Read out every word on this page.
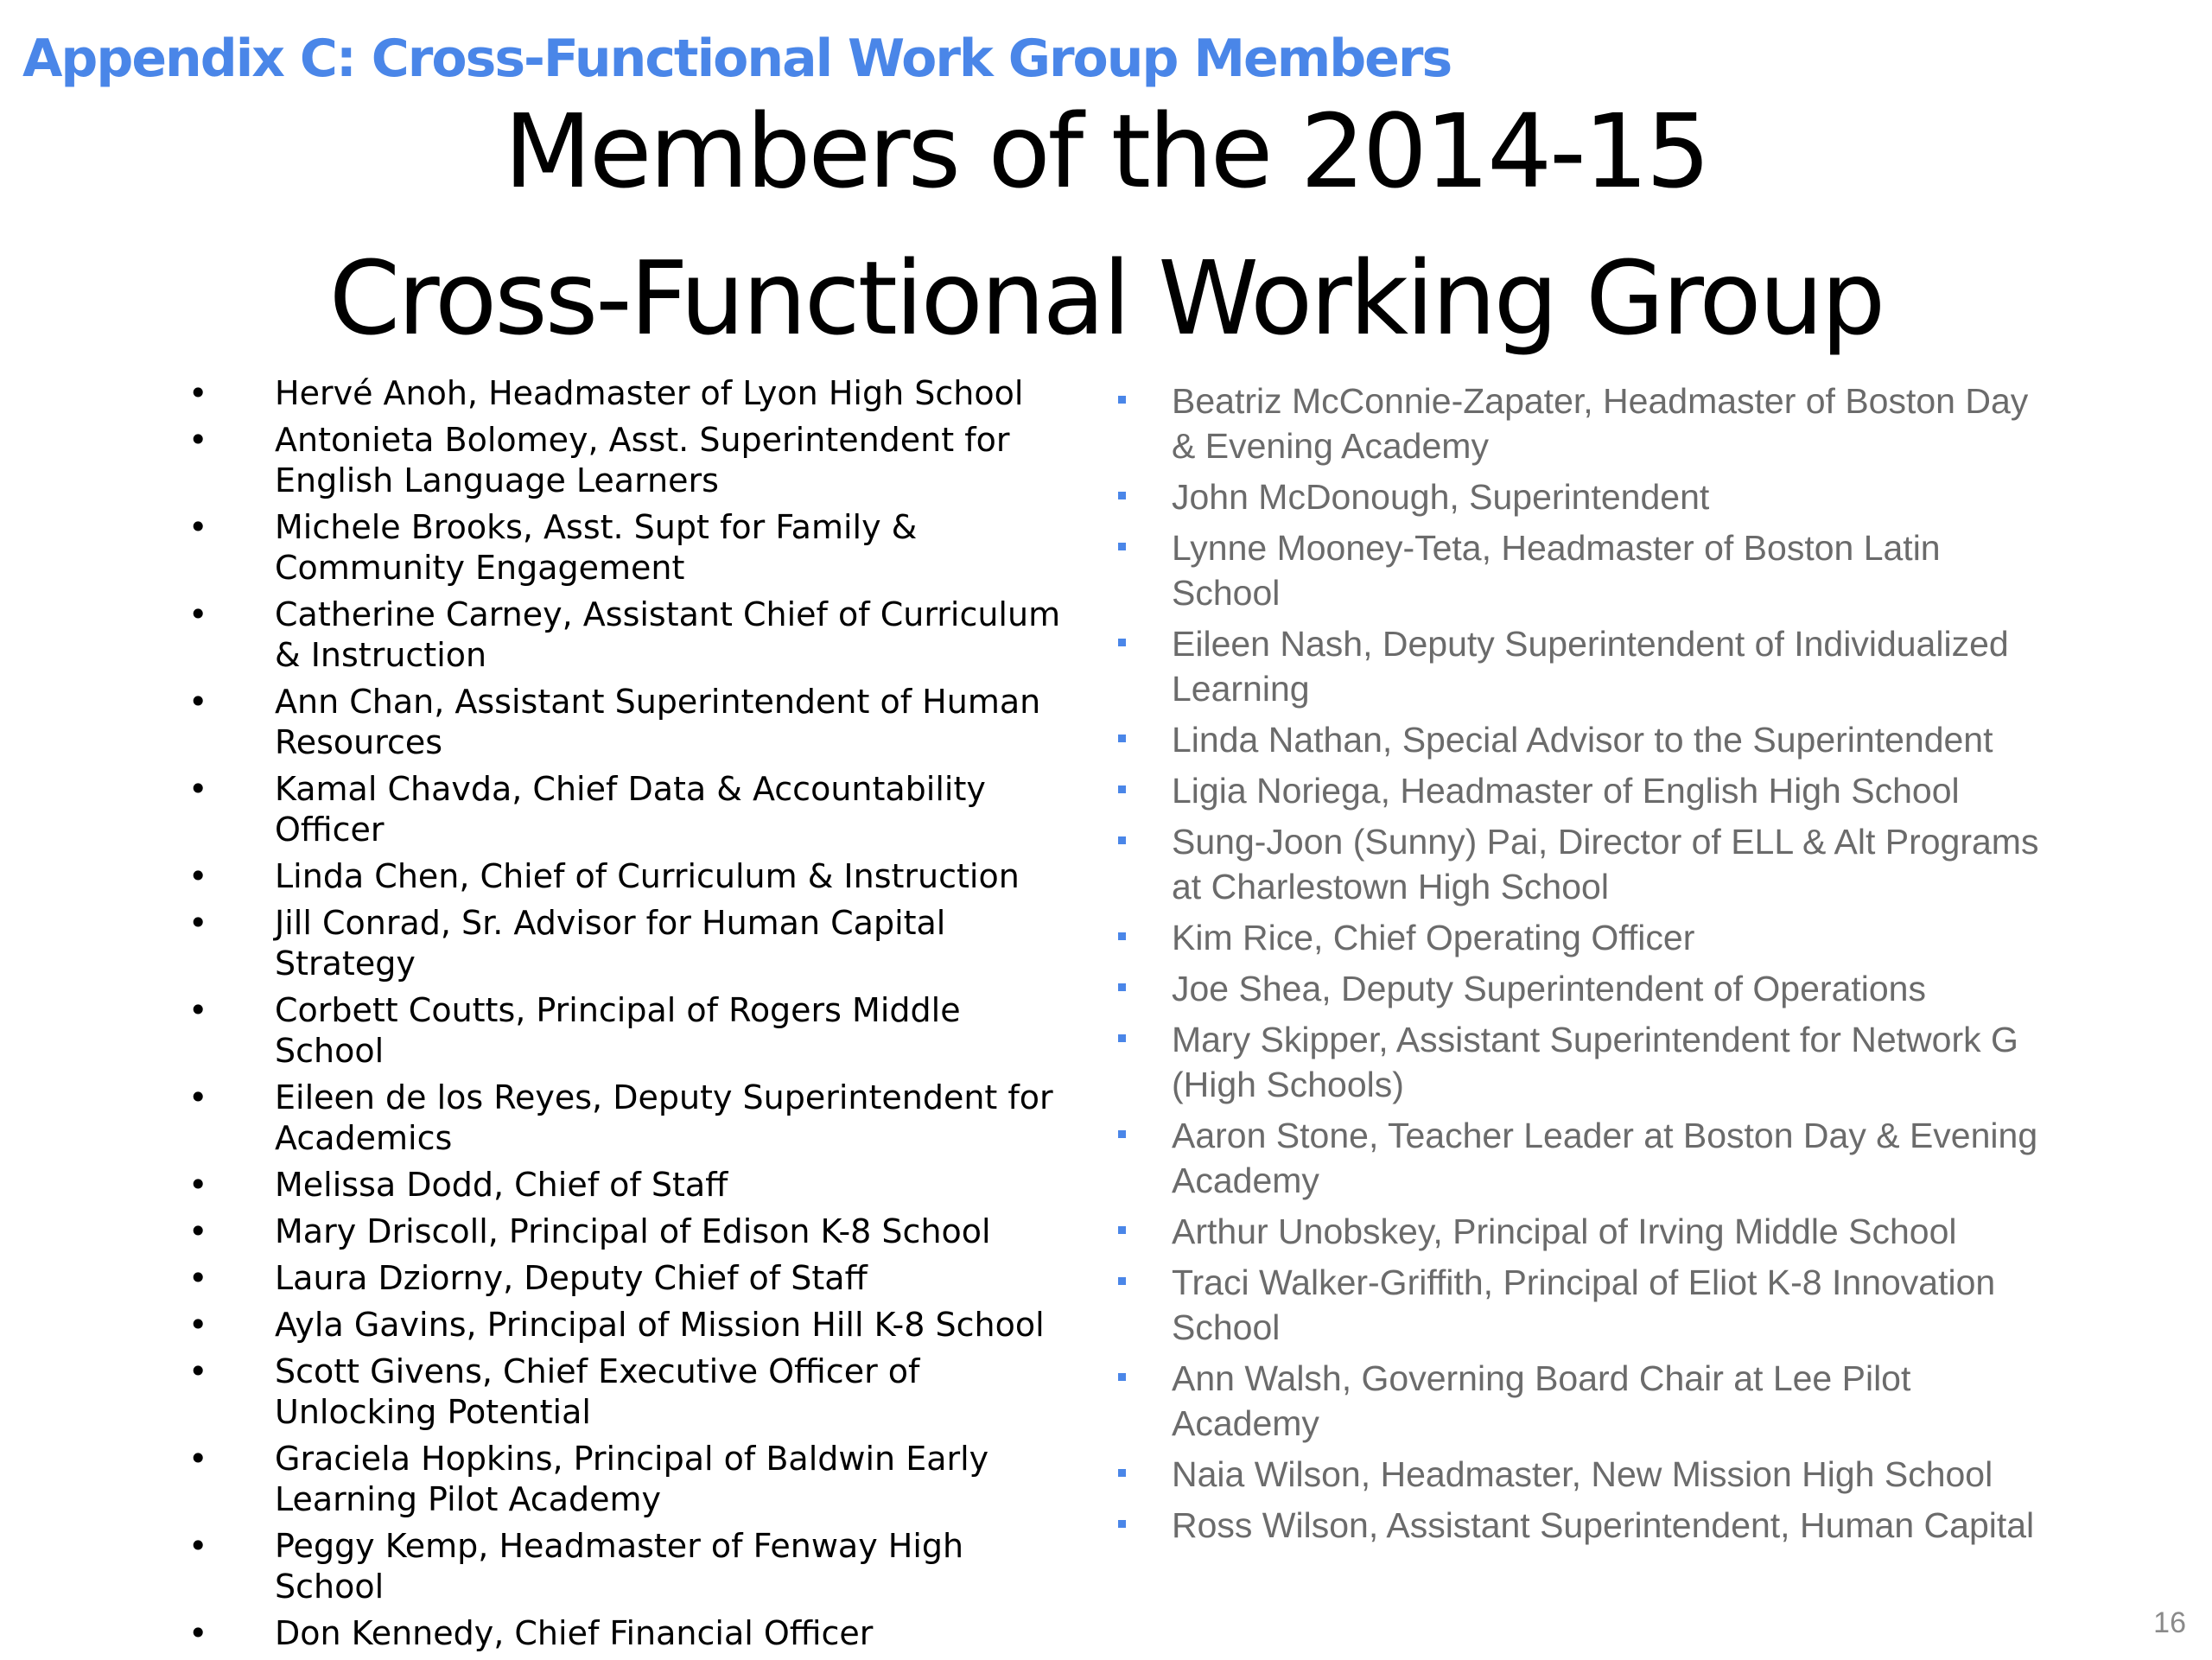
Appendix C: Cross-Functional Work Group Members
Members of the 2014-15
Cross-Functional Working Group
• Hervé Anoh, Headmaster of Lyon High School
• Antonieta Bolomey, Asst. Superintendent for English Language Learners
• Michele Brooks, Asst. Supt for Family & Community Engagement
• Catherine Carney, Assistant Chief of Curriculum & Instruction
• Ann Chan, Assistant Superintendent of Human Resources
• Kamal Chavda, Chief Data & Accountability Officer
• Linda Chen, Chief of Curriculum & Instruction
• Jill Conrad, Sr. Advisor for Human Capital Strategy
• Corbett Coutts, Principal of Rogers Middle School
• Eileen de los Reyes, Deputy Superintendent for Academics
• Melissa Dodd, Chief of Staff
• Mary Driscoll, Principal of Edison K-8 School
• Laura Dziorny, Deputy Chief of Staff
• Ayla Gavins, Principal of Mission Hill K-8 School
• Scott Givens, Chief Executive Officer of Unlocking Potential
• Graciela Hopkins, Principal of Baldwin Early Learning Pilot Academy
• Peggy Kemp, Headmaster of Fenway High School
• Don Kennedy, Chief Financial Officer
Beatriz McConnie-Zapater, Headmaster of Boston Day & Evening Academy
John McDonough, Superintendent
Lynne Mooney-Teta, Headmaster of Boston Latin School
Eileen Nash, Deputy Superintendent of Individualized Learning
Linda Nathan, Special Advisor to the Superintendent
Ligia Noriega, Headmaster of English High School
Sung-Joon (Sunny) Pai, Director of ELL & Alt Programs at Charlestown High School
Kim Rice, Chief Operating Officer
Joe Shea, Deputy Superintendent of Operations
Mary Skipper, Assistant Superintendent for Network G (High Schools)
Aaron Stone, Teacher Leader at Boston Day & Evening Academy
Arthur Unobskey, Principal of Irving Middle School
Traci Walker-Griffith, Principal of Eliot K-8 Innovation School
Ann Walsh, Governing Board Chair at Lee Pilot Academy
Naia Wilson, Headmaster, New Mission High School
Ross Wilson, Assistant Superintendent, Human Capital
16
